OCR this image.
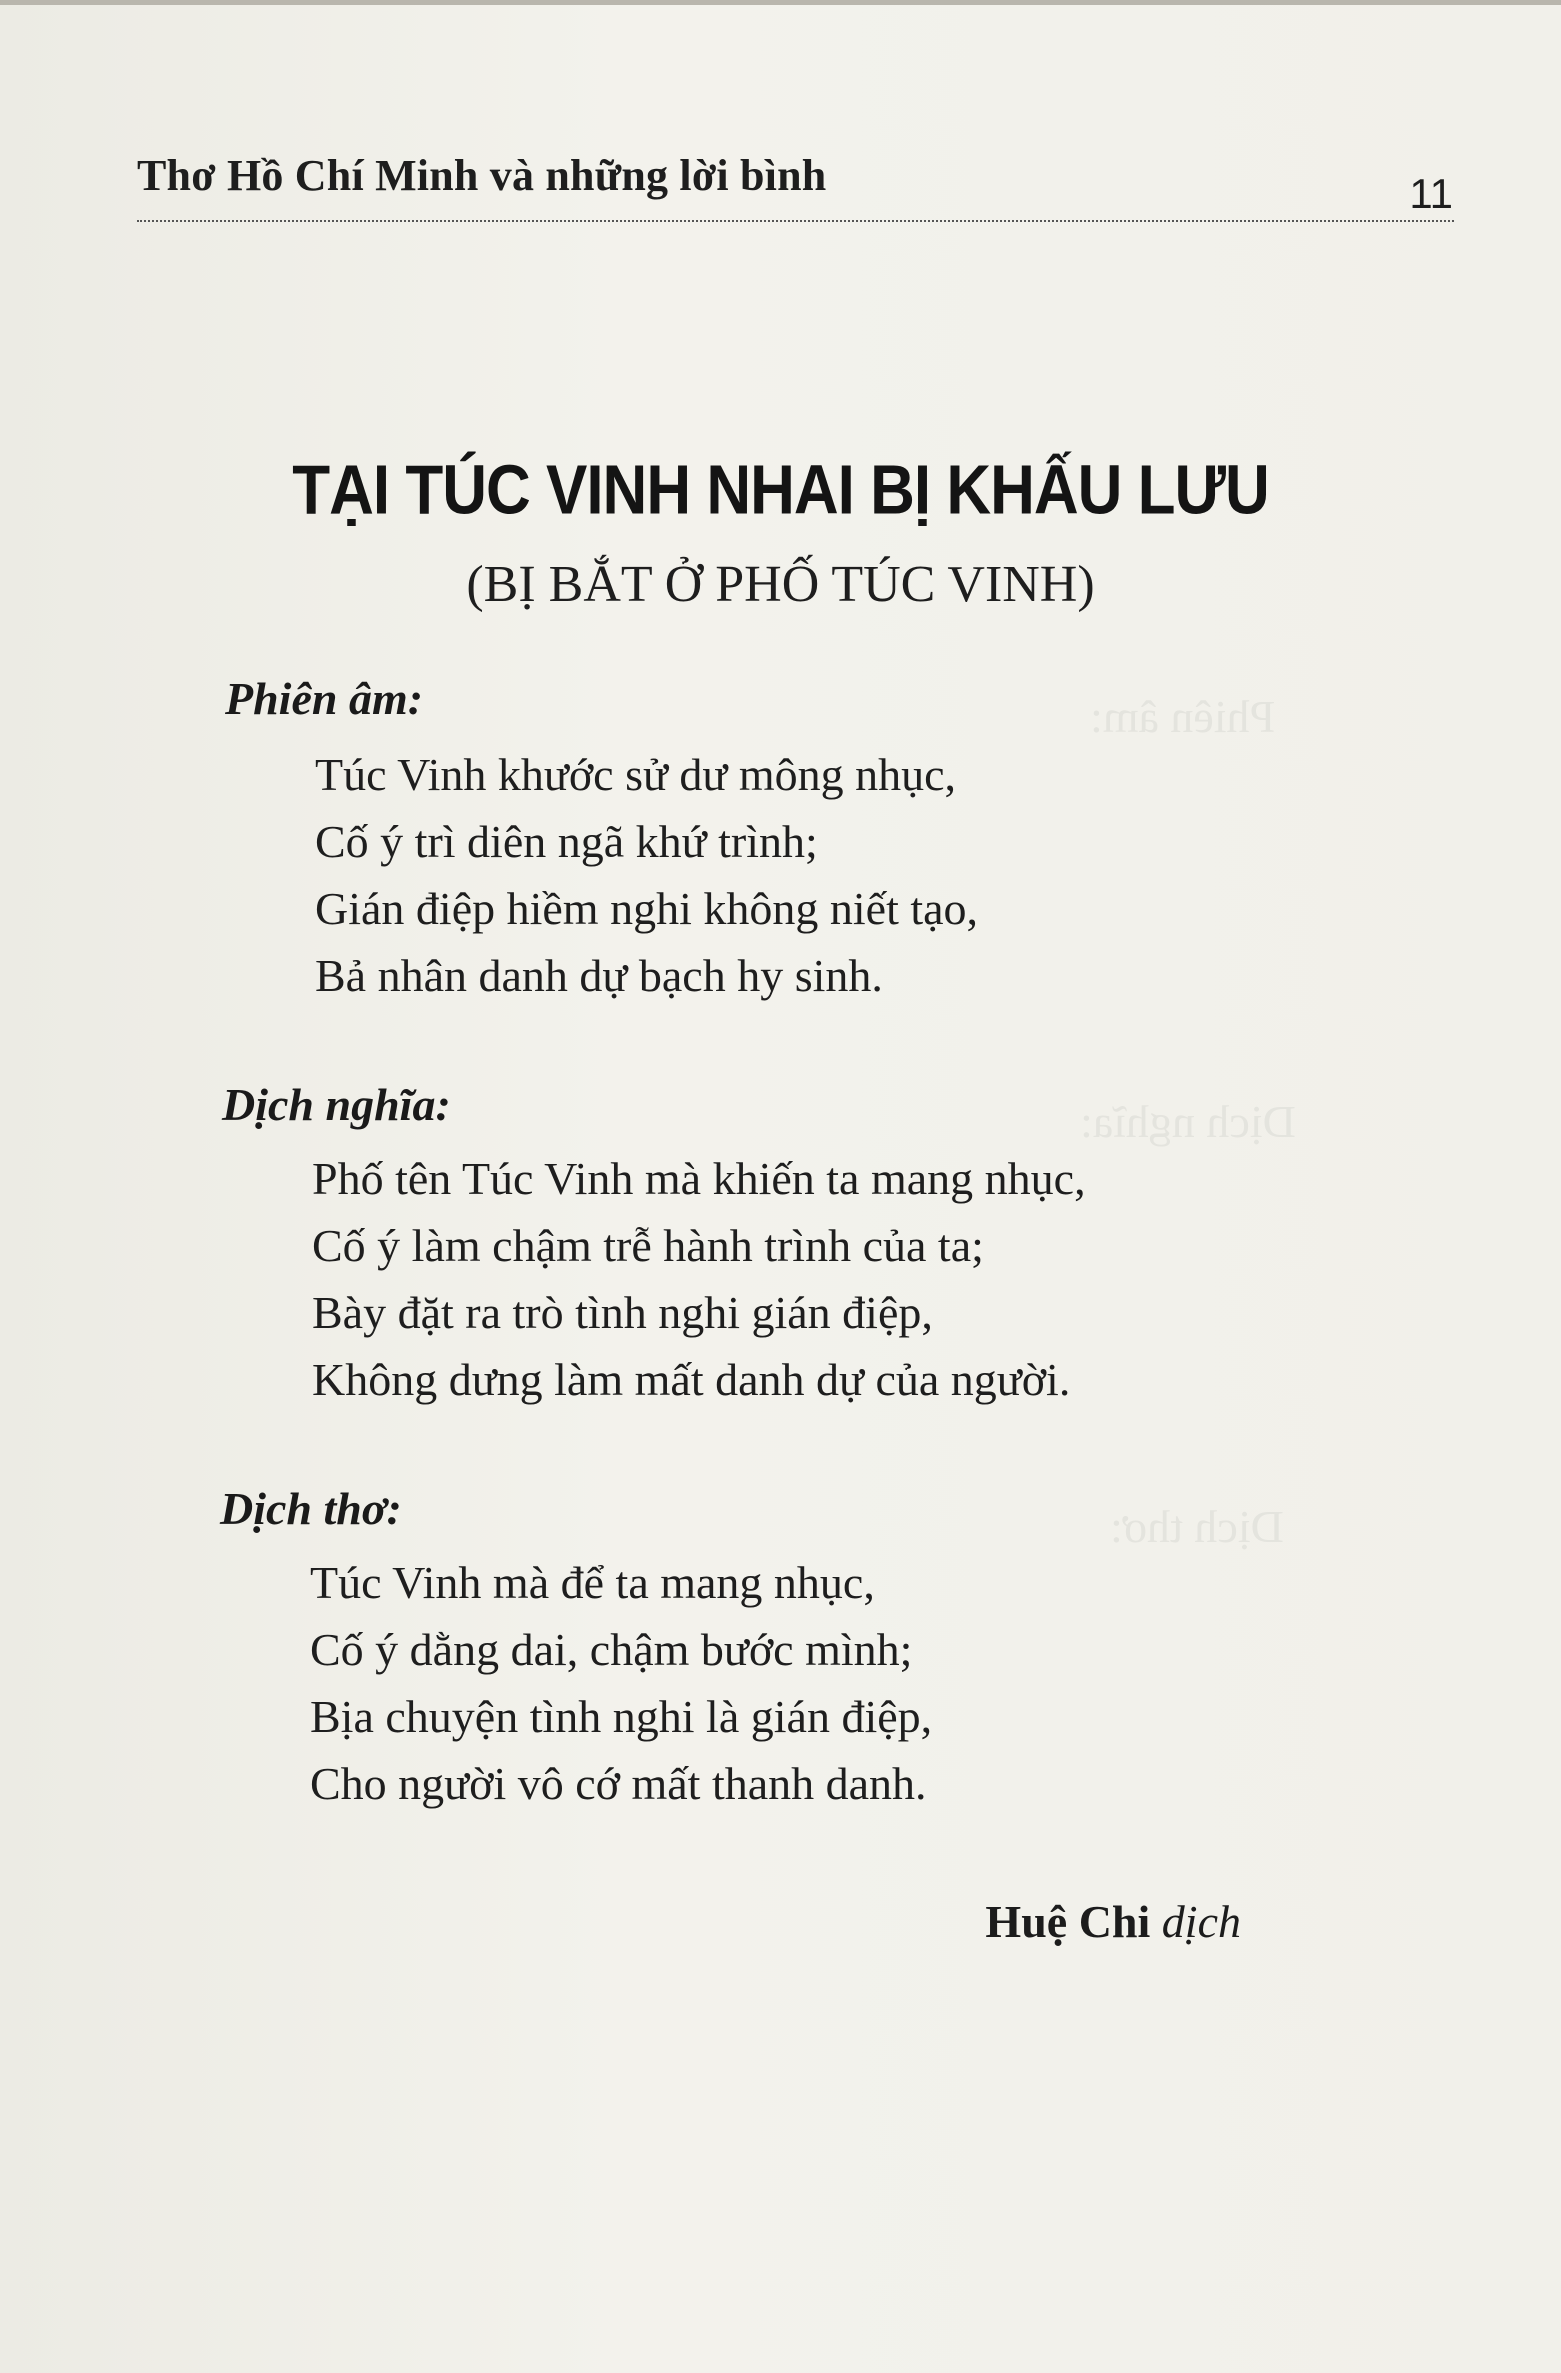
Phiên âm:
Dịch nghĩa:
Dịch thơ:
Thơ Hồ Chí Minh và những lời bình	11
TẠI TÚC VINH NHAI BỊ KHẤU LƯU
(BỊ BẮT Ở PHỐ TÚC VINH)
Phiên âm:
Túc Vinh khước sử dư mông nhục,
Cố ý trì diên ngã khứ trình;
Gián điệp hiềm nghi không niết tạo,
Bả nhân danh dự bạch hy sinh.
Dịch nghĩa:
Phố tên Túc Vinh mà khiến ta mang nhục,
Cố ý làm chậm trễ hành trình của ta;
Bày đặt ra trò tình nghi gián điệp,
Không dưng làm mất danh dự của người.
Dịch thơ:
Túc Vinh mà để ta mang nhục,
Cố ý dằng dai, chậm bước mình;
Bịa chuyện tình nghi là gián điệp,
Cho người vô cớ mất thanh danh.
Huệ Chi dịch
